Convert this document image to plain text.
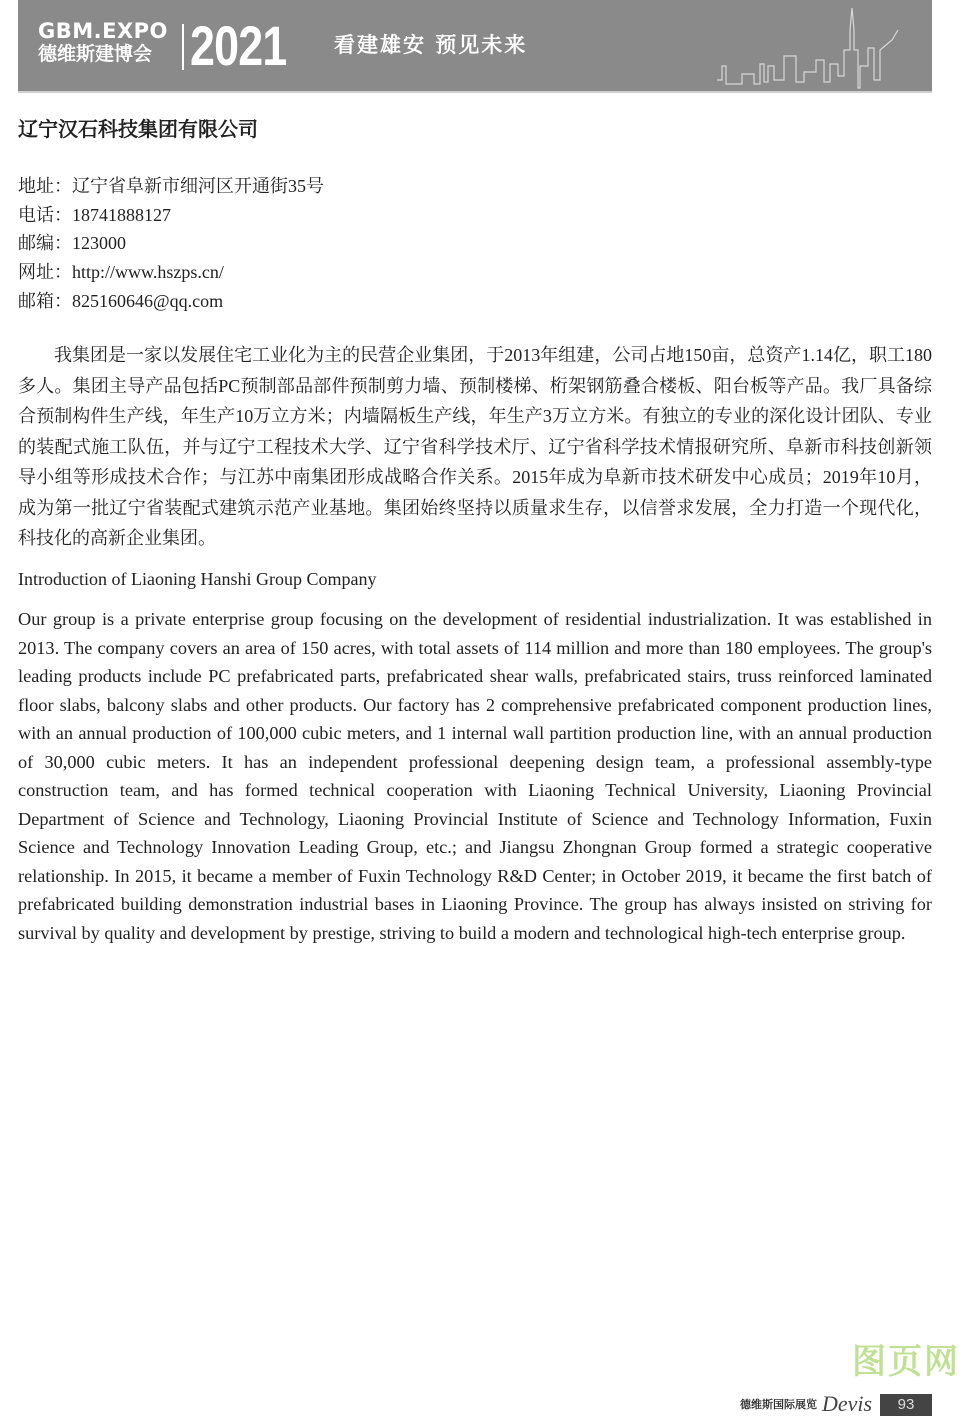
GBM.EXPO
德维斯建博会 2021 看建雄安 预见未来
辽宁汉石科技集团有限公司
地址：辽宁省阜新市细河区开通街35号
电话：18741888127
邮编：123000
网址：http://www.hszps.cn/
邮箱：825160646@qq.com
我集团是一家以发展住宅工业化为主的民营企业集团，于2013年组建，公司占地150亩，总资产1.14亿，职工180多人。集团主导产品包括PC预制部品部件预制剪力墙、预制楼梯、桁架钢筋叠合楼板、阳台板等产品。我厂具备综合预制构件生产线，年生产10万立方米；内墙隔板生产线，年生产3万立方米。有独立的专业的深化设计团队、专业的装配式施工队伍，并与辽宁工程技术大学、辽宁省科学技术厅、辽宁省科学技术情报研究所、阜新市科技创新领导小组等形成技术合作；与江苏中南集团形成战略合作关系。2015年成为阜新市技术研发中心成员；2019年10月，成为第一批辽宁省装配式建筑示范产业基地。集团始终坚持以质量求生存，以信誉求发展，全力打造一个现代化，科技化的高新企业集团。
Introduction of Liaoning Hanshi Group Company
Our group is a private enterprise group focusing on the development of residential industrialization. It was established in 2013. The company covers an area of 150 acres, with total assets of 114 million and more than 180 employees. The group's leading products include PC prefabricated parts, prefabricated shear walls, prefabricated stairs, truss reinforced laminated floor slabs, balcony slabs and other products. Our factory has 2 comprehensive prefabricated component production lines, with an annual production of 100,000 cubic meters, and 1 internal wall partition production line, with an annual production of 30,000 cubic meters. It has an independent professional deepening design team, a professional assembly-type construction team, and has formed technical cooperation with Liaoning Technical University, Liaoning Provincial Department of Science and Technology, Liaoning Provincial Institute of Science and Technology Information, Fuxin Science and Technology Innovation Leading Group, etc.; and Jiangsu Zhongnan Group formed a strategic cooperative relationship. In 2015, it became a member of Fuxin Technology R&D Center; in October 2019, it became the first batch of prefabricated building demonstration industrial bases in Liaoning Province. The group has always insisted on striving for survival by quality and development by prestige, striving to build a modern and technological high-tech enterprise group.
图页网
德维斯国际展览 Devis	93
